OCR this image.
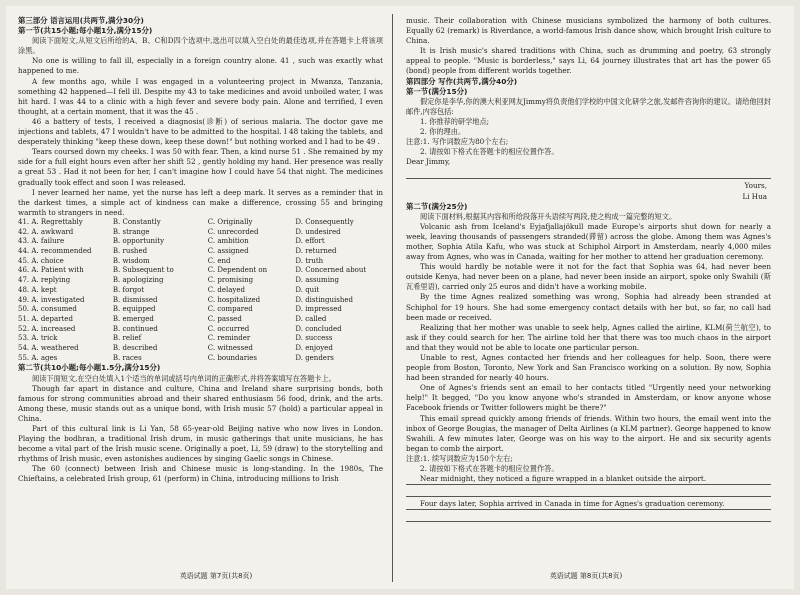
第三部分 语言运用(共两节,满分30分)
第一节(共15小题;每小题1分,满分15分)

阅读下面短文,从短文后所给的A、B、C和D四个选项中,选出可以填入空白处的最佳选项,并在答题卡上将该项涂黑。

No one is willing to fall ill, especially in a foreign country alone. 41 , such was exactly what happened to me.

A few months ago, while I was engaged in a volunteering project in Mwanza, Tanzania, something 42 happened—I fell ill. Despite my 43 to take medicines and avoid unboiled water, I was hit hard. I was 44 to a clinic with a high fever and severe body pain. Alone and terrified, I even thought, at a certain moment, that it was the 45 .

46 a battery of tests, I received a diagnosis(诊断) of serious malaria. The doctor gave me injections and tablets, 47 I wouldn't have to be admitted to the hospital. I 48 taking the tablets, and desperately thinking "keep these down, keep these down!" but nothing worked and I had to be 49 .

Tears coursed down my cheeks. I was 50 with fear. Then, a kind nurse 51 . She remained by my side for a full eight hours even after her shift 52 , gently holding my hand. Her presence was really a great 53 . Had it not been for her, I can't imagine how I could have 54 that night. The medicines gradually took effect and soon I was released.

I never learned her name, yet the nurse has left a deep mark. It serves as a reminder that in the darkest times, a simple act of kindness can make a difference, crossing 55 and bringing warmth to strangers in need.

41. A. Regrettably	B. Constantly	C. Originally	D. Consequently
42. A. awkward	B. strange	C. unrecorded	D. undesired
43. A. failure	B. opportunity	C. ambition	D. effort
44. A. recommended	B. rushed	C. assigned	D. returned
45. A. choice	B. wisdom	C. end	D. truth
46. A. Patient with	B. Subsequent to	C. Dependent on	D. Concerned about
47. A. replying	B. apologizing	C. promising	D. assuming
48. A. kept	B. forgot	C. delayed	D. quit
49. A. investigated	B. dismissed	C. hospitalized	D. distinguished
50. A. consumed	B. equipped	C. compared	D. impressed
51. A. departed	B. emerged	C. passed	D. called
52. A. increased	B. continued	C. occurred	D. concluded
53. A. trick	B. relief	C. reminder	D. success
54. A. weathered	B. described	C. witnessed	D. enjoyed
55. A. ages	B. races	C. boundaries	D. genders
第二节(共10小题;每小题1.5分,满分15分)

阅读下面短文,在空白处填入1个适当的单词或括号内单词的正确形式,并将答案填写在答题卡上。

Though far apart in distance and culture, China and Ireland share surprising bonds, both famous for strong communities abroad and their shared enthusiasm 56 food, drink, and the arts. Among these, music stands out as a unique bond, with Irish music 57 (hold) a particular appeal in China.

Part of this cultural link is Li Yan, 58 65-year-old Beijing native who now lives in London. Playing the bodhran, a traditional Irish drum, in music gatherings that unite musicians, he has become a vital part of the Irish music scene. Originally a poet, Li, 59 (draw) to the storytelling and rhythms of Irish music, even astonishes audiences by singing Gaelic songs in Chinese.

The 60 (connect) between Irish and Chinese music is long-standing. In the 1980s, The Chieftains, a celebrated Irish group, 61 (perform) in China, introducing millions to Irish

music. Their collaboration with Chinese musicians symbolized the harmony of both cultures. Equally 62 (remark) is Riverdance, a world-famous Irish dance show, which brought Irish culture to China.

It is Irish music's shared traditions with China, such as drumming and poetry, 63 strongly appeal to people. "Music is borderless," says Li, 64 journey illustrates that art has the power 65 (bond) people from different worlds together.

第四部分 写作(共两节,满分40分)
第一节(满分15分)

假定你是李华,你的澳大利亚网友Jimmy将负责他们学校的中国文化研学之旅,发邮件咨询你的建议。请给他回封邮件,内容包括:

1. 你推荐的研学地点;

2. 你的理由。

注意:1. 写作词数应为80个左右;

2. 请按如下格式在答题卡的相应位置作答。

Dear Jimmy,

Yours,

Li Hua

第二节(满分25分)

阅读下面材料,根据其内容和所给段落开头语续写两段,使之构成一篇完整的短文。

Volcanic ash from Iceland's Eyjafjallajökull made Europe's airports shut down for nearly a week, leaving thousands of passengers stranded(滞留) across the globe. Among them was Agnes's mother, Sophia Atila Kafu, who was stuck at Schiphol Airport in Amsterdam, nearly 4,000 miles away from Agnes, who was in Canada, waiting for her mother to attend her graduation ceremony.

This would hardly be notable were it not for the fact that Sophia was 64, had never been outside Kenya, had never been on a plane, had never been inside an airport, spoke only Swahili (斯瓦希里语), carried only 25 euros and didn't have a working mobile.

By the time Agnes realized something was wrong, Sophia had already been stranded at Schiphol for 19 hours. She had some emergency contact details with her but, so far, no call had been made or received.

Realizing that her mother was unable to seek help, Agnes called the airline, KLM(荷兰航空), to ask if they could search for her. The airline told her that there was too much chaos in the airport and that they would not be able to locate one particular person.

Unable to rest, Agnes contacted her friends and her colleagues for help. Soon, there were people from Boston, Toronto, New York and San Francisco working on a solution. By now, Sophia had been stranded for nearly 40 hours.

One of Agnes's friends sent an email to her contacts titled "Urgently need your networking help!" It begged, "Do you know anyone who's stranded in Amsterdam, or know anyone whose Facebook friends or Twitter followers might be there?"

This email spread quickly among friends of friends. Within two hours, the email went into the inbox of George Bougias, the manager of Delta Airlines (a KLM partner). George happened to know Swahili. A few minutes later, George was on his way to the airport. He and six security agents began to comb the airport.

注意:1. 续写词数应为150个左右;

2. 请按如下格式在答题卡的相应位置作答。

Near midnight, they noticed a figure wrapped in a blanket outside the airport.

Four days later, Sophia arrived in Canada in time for Agnes's graduation ceremony.

英语试题 第7页(共8页)	英语试题 第8页(共8页)
